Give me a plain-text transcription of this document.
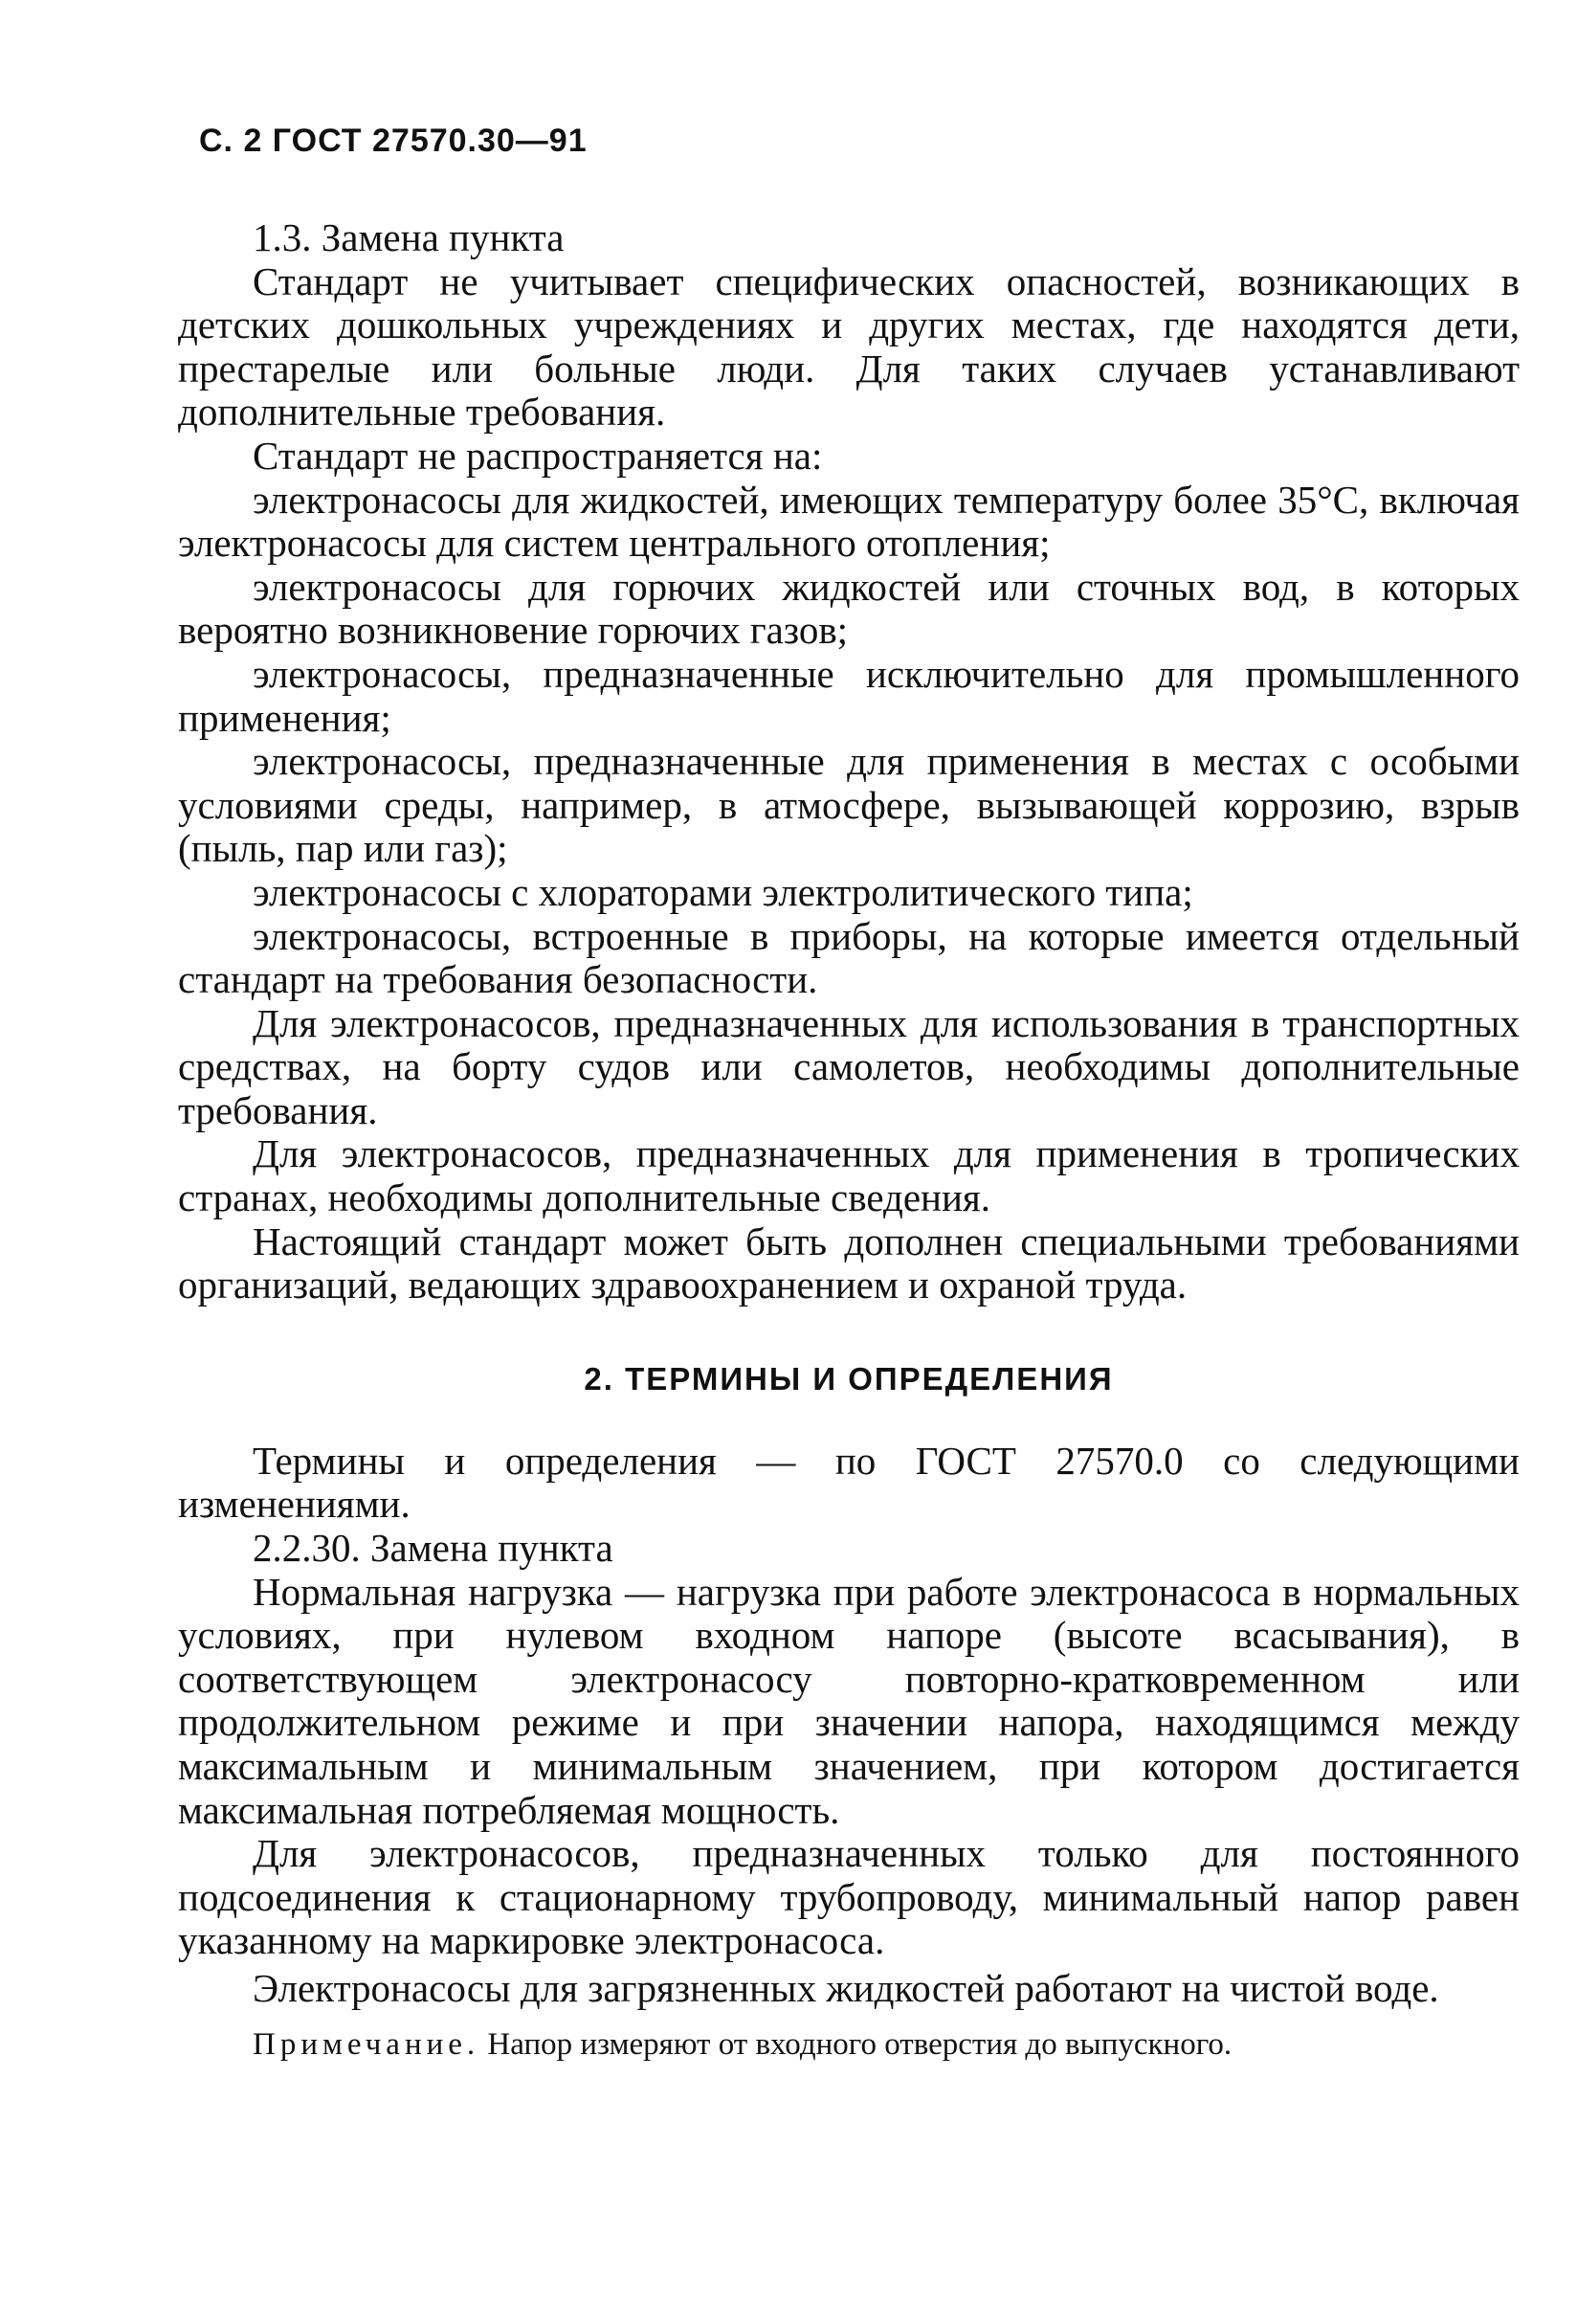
С. 2 ГОСТ 27570.30—91

1.3. Замена пункта

Стандарт не учитывает специфических опасностей, возникающих в детских дошкольных учреждениях и других местах, где находятся дети, престарелые или больные люди. Для таких случаев устанавливают дополнительные требования.

Стандарт не распространяется на:

электронасосы для жидкостей, имеющих температуру более 35°С, включая электронасосы для систем центрального отопления;

электронасосы для горючих жидкостей или сточных вод, в которых вероятно возникновение горючих газов;

электронасосы, предназначенные исключительно для промышленного применения;

электронасосы, предназначенные для применения в местах с особыми условиями среды, например, в атмосфере, вызывающей коррозию, взрыв (пыль, пар или газ);

электронасосы с хлораторами электролитического типа;

электронасосы, встроенные в приборы, на которые имеется отдельный стандарт на требования безопасности.

Для электронасосов, предназначенных для использования в транспортных средствах, на борту судов или самолетов, необходимы дополнительные требования.

Для электронасосов, предназначенных для применения в тропических странах, необходимы дополнительные сведения.

Настоящий стандарт может быть дополнен специальными требованиями организаций, ведающих здравоохранением и охраной труда.

2. ТЕРМИНЫ И ОПРЕДЕЛЕНИЯ

Термины и определения — по ГОСТ 27570.0 со следующими изменениями.

2.2.30. Замена пункта

Нормальная нагрузка — нагрузка при работе электронасоса в нормальных условиях, при нулевом входном напоре (высоте всасывания), в соответствующем электронасосу повторно-кратковременном или продолжительном режиме и при значении напора, находящимся между максимальным и минимальным значением, при котором достигается максимальная потребляемая мощность.

Для электронасосов, предназначенных только для постоянного подсоединения к стационарному трубопроводу, минимальный напор равен указанному на маркировке электронасоса.

Электронасосы для загрязненных жидкостей работают на чистой воде.

Примечание. Напор измеряют от входного отверстия до выпускного.
